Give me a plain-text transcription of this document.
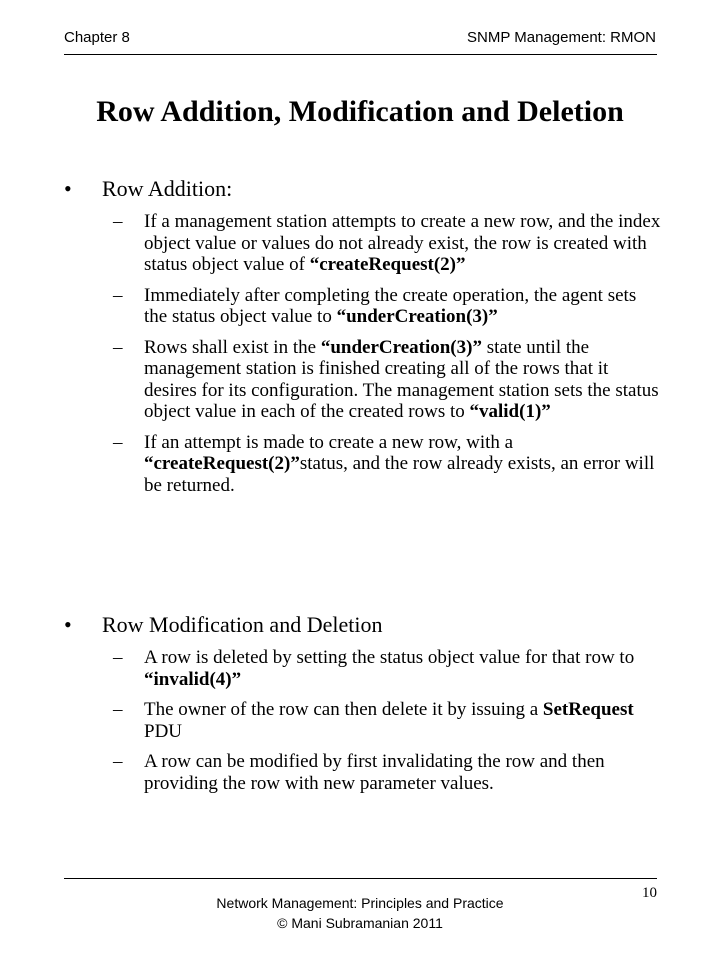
Chapter 8	SNMP Management: RMON
Row Addition, Modification and Deletion
• Row Addition:
– If a management station attempts to create a new row, and the index object value or values do not already exist, the row is created with status object value of “createRequest(2)”
– Immediately after completing the create operation, the agent sets the status object value to “underCreation(3)”
– Rows shall exist in the “underCreation(3)” state until the management station is finished creating all of the rows that it desires for its configuration. The management station sets the status object value in each of the created rows to “valid(1)”
– If an attempt is made to create a new row, with a “createRequest(2)”status, and the row already exists, an error will be returned.
• Row Modification and Deletion
– A row is deleted by setting the status object value for that row to “invalid(4)”
– The owner of the row can then delete it by issuing a SetRequest PDU
– A row can be modified by first invalidating the row and then providing the row with new parameter values.
10
Network Management: Principles and Practice
© Mani Subramanian 2011
